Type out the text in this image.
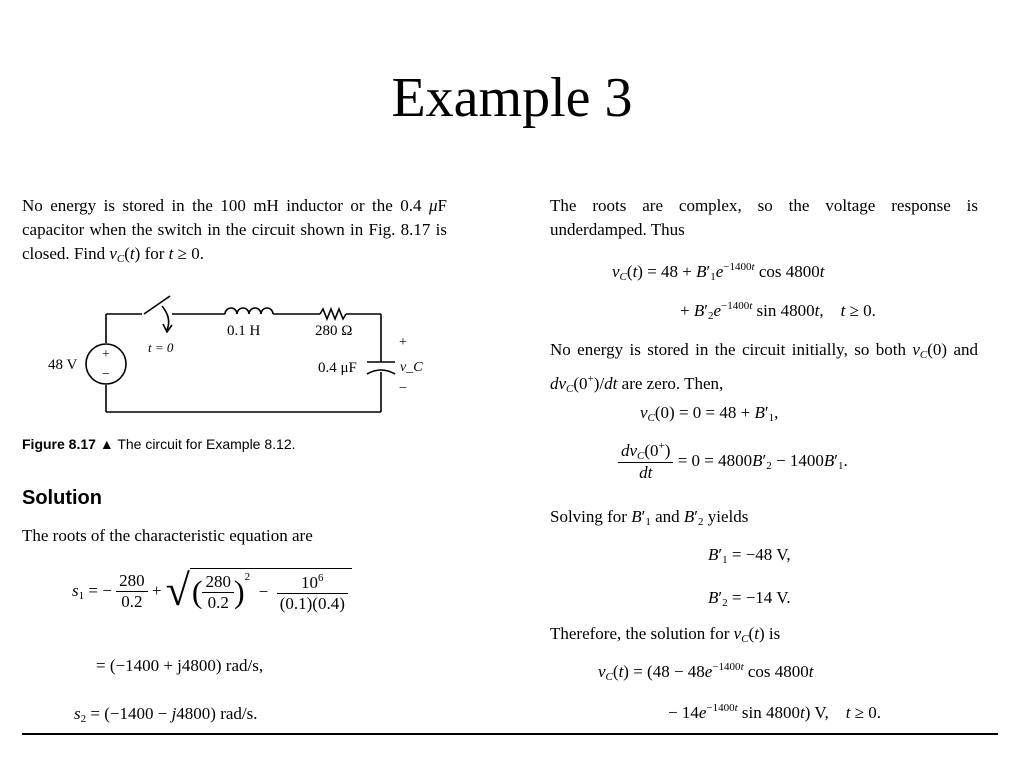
Example 3
No energy is stored in the 100 mH inductor or the 0.4 μF capacitor when the switch in the circuit shown in Fig. 8.17 is closed. Find $v_C(t)$ for t ≥ 0.
+
−
48 V
t = 0
0.1 H	280 Ω
0.4 μF
+
v_C
−
Figure 8.17 ▲ The circuit for Example 8.12.
Solution
The roots of the characteristic equation are
$s_1$ = − $\frac{280}{0.2}$ + √( $\frac{280}{0.2} )^2 - \frac{10^6}{(0.1)(0.4)}$
= (−1400 + j4800) rad/s,
$s_2 = (-1400 - j4800)$ rad/s.
The roots are complex, so the voltage response is underdamped. Thus
$v_C(t) = 48 + B'_1e^{-1400t}$ cos 4800t
+ $B'_2e^{-1400t}$ sin 4800t,    t ≥ 0.
No energy is stored in the circuit initially, so both $v_C(0)$ and $dv_C(0^+)/dt$ are zero. Then,
$v_C(0) = 0 = 48 + B'_1$,
$\frac{dv_C(0^+)}{dt} = 0 = 4800B'_2 - 1400B'_1$.
Solving for $B'_1$ and $B'_2$ yields
$B'_1 = -48$ V,
$B'_2 = -14$ V.
Therefore, the solution for $v_C(t)$ is
$v_C(t) = (48 - 48e^{-1400t}$ cos 4800t
− $14e^{-1400t}$ sin 4800t) V,    t ≥ 0.
